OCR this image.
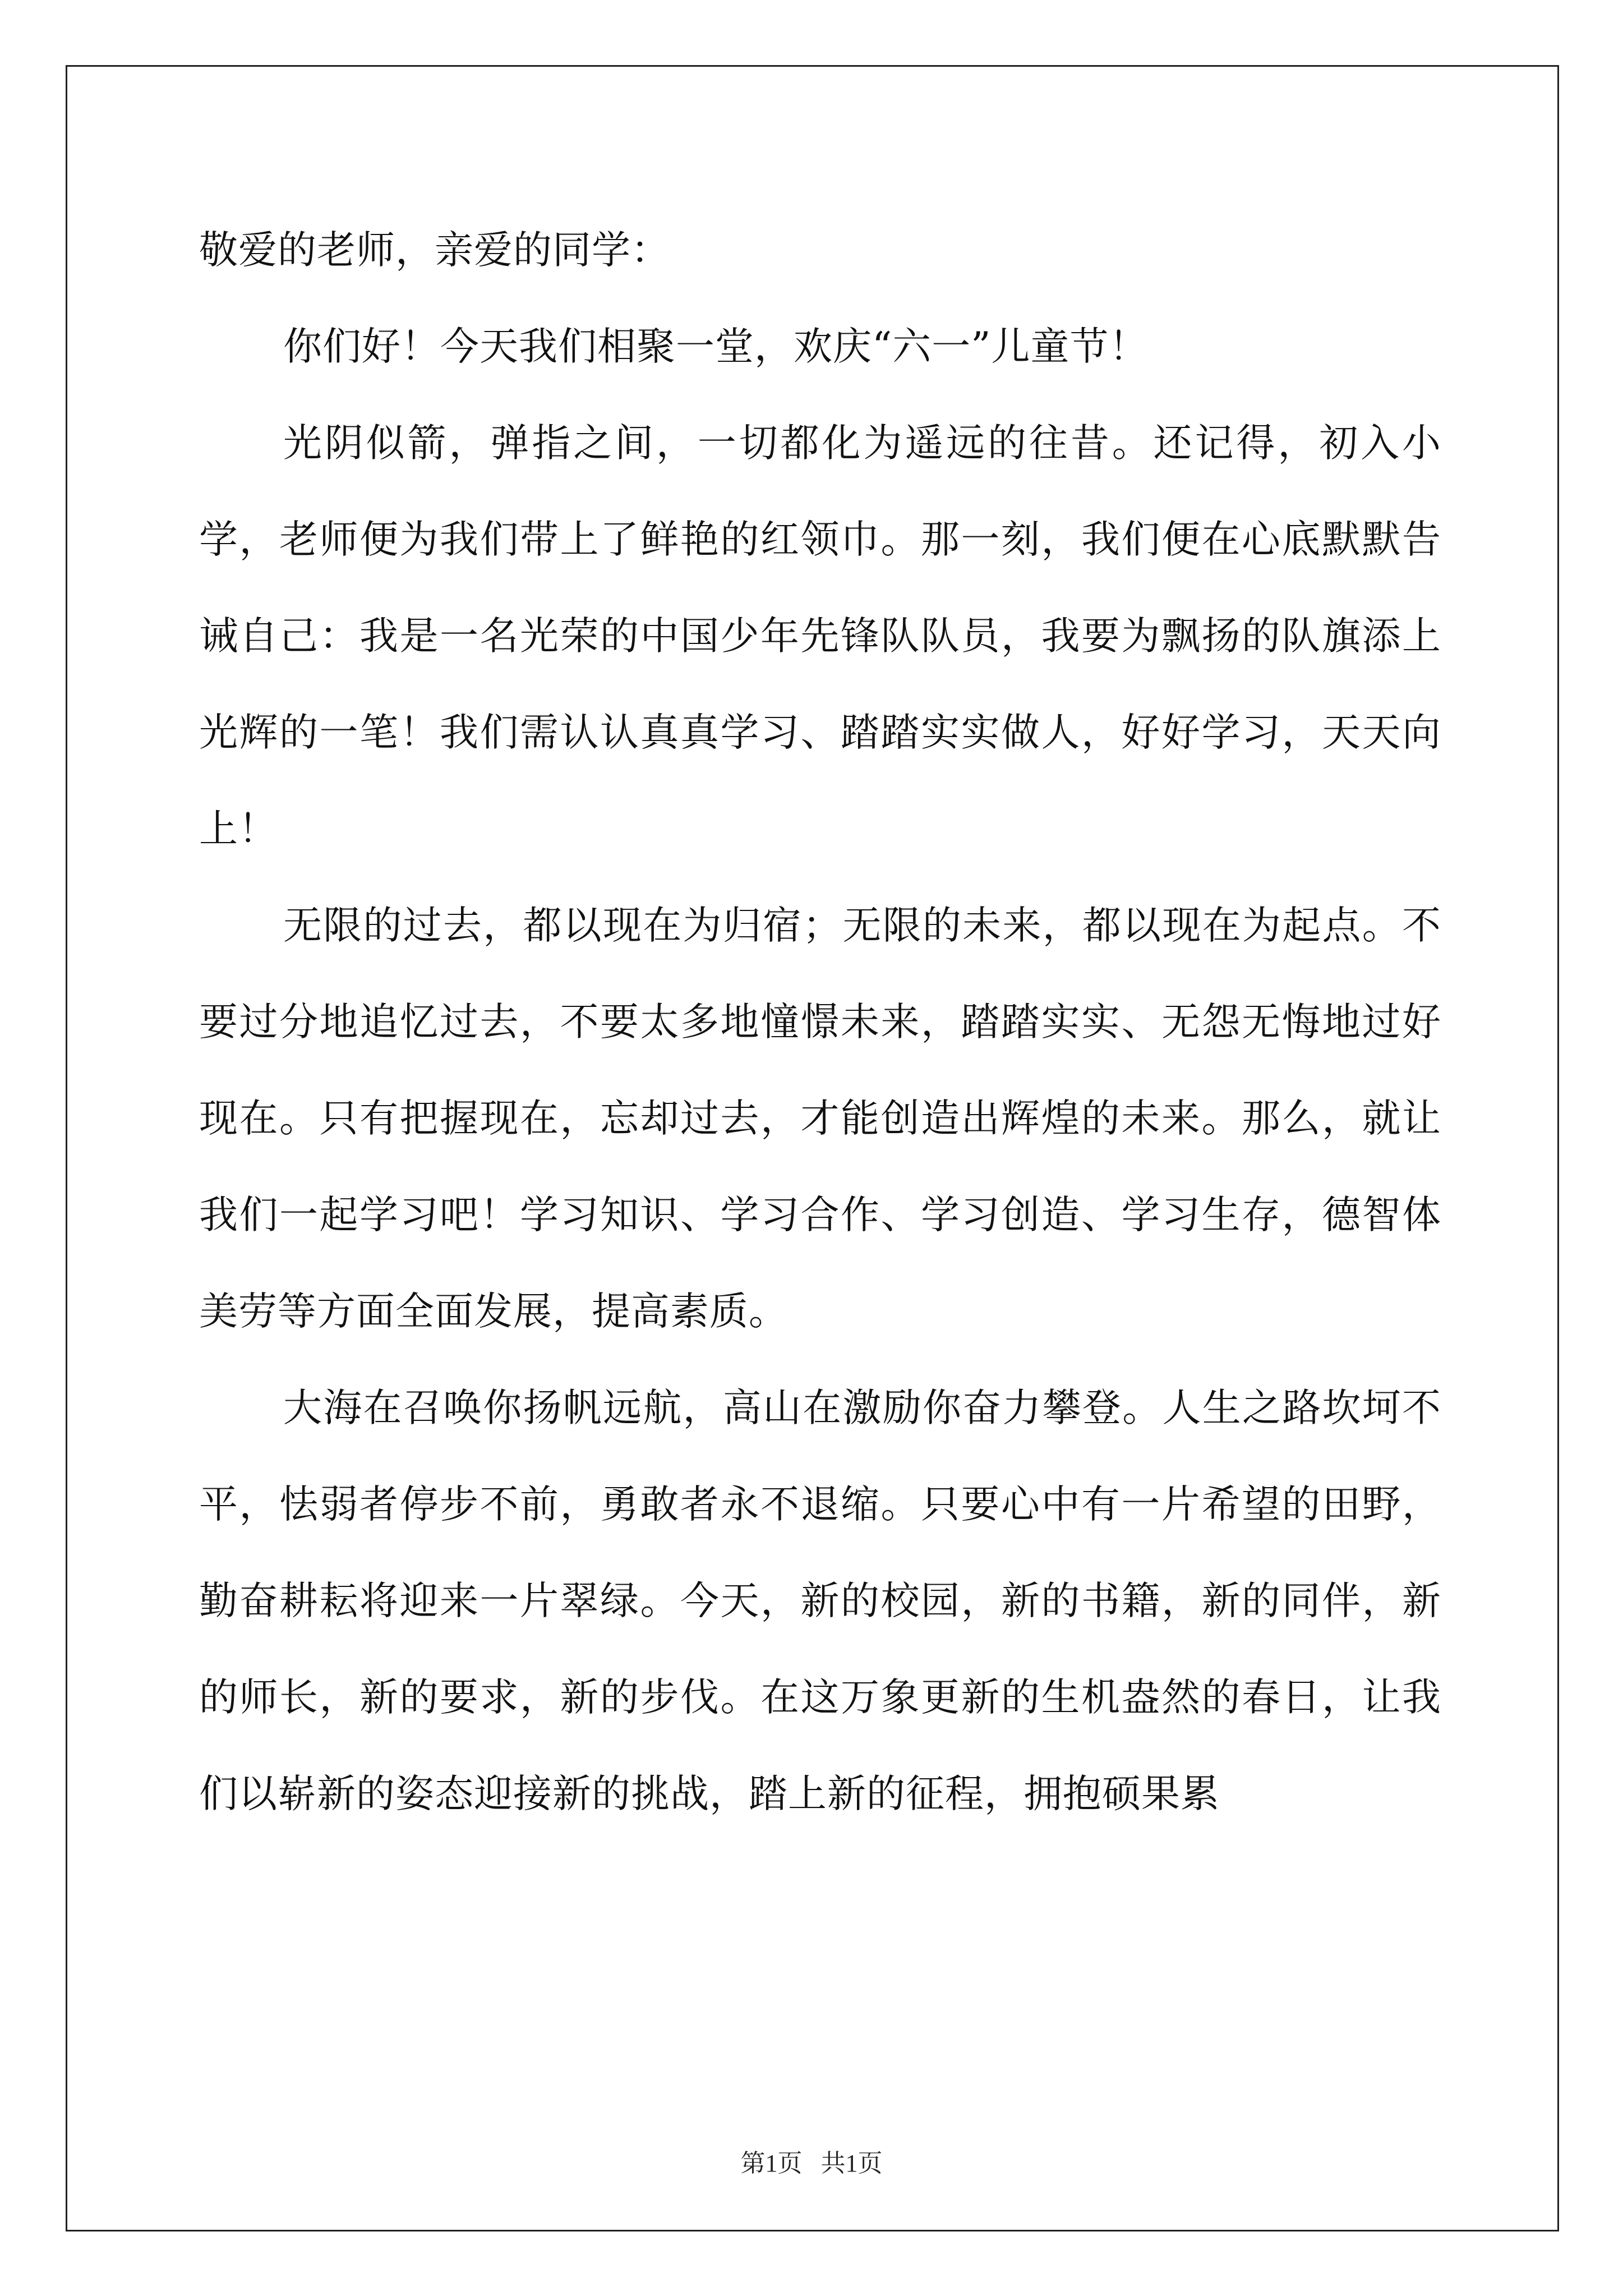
敬爱的老师，亲爱的同学：

你们好！今天我们相聚一堂，欢庆“六一”儿童节！

光阴似箭，弹指之间，一切都化为遥远的往昔。还记得，初入小学，老师便为我们带上了鲜艳的红领巾。那一刻，我们便在心底默默告诫自己：我是一名光荣的中国少年先锋队队员，我要为飘扬的队旗添上光辉的一笔！我们需认认真真学习、踏踏实实做人，好好学习，天天向上！

无限的过去，都以现在为归宿；无限的未来，都以现在为起点。不要过分地追忆过去，不要太多地憧憬未来，踏踏实实、无怨无悔地过好现在。只有把握现在，忘却过去，才能创造出辉煌的未来。那么，就让我们一起学习吧！学习知识、学习合作、学习创造、学习生存，德智体美劳等方面全面发展，提高素质。

大海在召唤你扬帆远航，高山在激励你奋力攀登。人生之路坎坷不平，怯弱者停步不前，勇敢者永不退缩。只要心中有一片希望的田野，勤奋耕耘将迎来一片翠绿。今天，新的校园，新的书籍，新的同伴，新的师长，新的要求，新的步伐。在这万象更新的生机盎然的春日，让我们以崭新的姿态迎接新的挑战，踏上新的征程，拥抱硕果累

第1页   共1页
